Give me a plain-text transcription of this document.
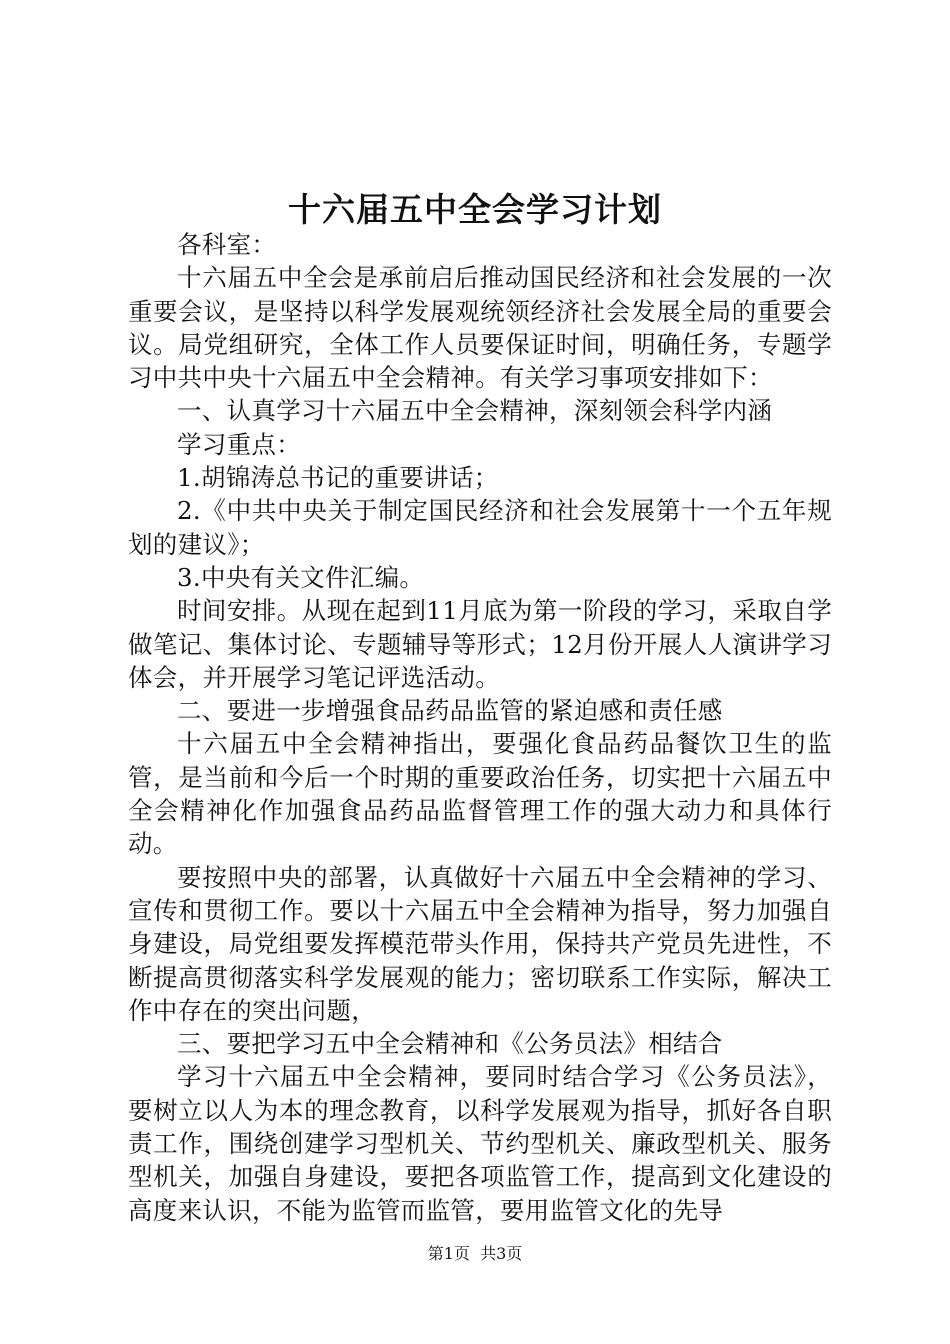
十六届五中全会学习计划

各科室：

十六届五中全会是承前启后推动国民经济和社会发展的一次重要会议，是坚持以科学发展观统领经济社会发展全局的重要会议。局党组研究，全体工作人员要保证时间，明确任务，专题学习中共中央十六届五中全会精神。有关学习事项安排如下：

一、认真学习十六届五中全会精神，深刻领会科学内涵

学习重点：

1.胡锦涛总书记的重要讲话；

2.《中共中央关于制定国民经济和社会发展第十一个五年规划的建议》；

3.中央有关文件汇编。

时间安排。从现在起到11月底为第一阶段的学习，采取自学做笔记、集体讨论、专题辅导等形式；12月份开展人人演讲学习体会，并开展学习笔记评选活动。

二、要进一步增强食品药品监管的紧迫感和责任感

十六届五中全会精神指出，要强化食品药品餐饮卫生的监管，是当前和今后一个时期的重要政治任务，切实把十六届五中全会精神化作加强食品药品监督管理工作的强大动力和具体行动。

要按照中央的部署，认真做好十六届五中全会精神的学习、宣传和贯彻工作。要以十六届五中全会精神为指导，努力加强自身建设，局党组要发挥模范带头作用，保持共产党员先进性，不断提高贯彻落实科学发展观的能力；密切联系工作实际，解决工作中存在的突出问题，

三、要把学习五中全会精神和《公务员法》相结合

学习十六届五中全会精神，要同时结合学习《公务员法》，要树立以人为本的理念教育，以科学发展观为指导，抓好各自职责工作，围绕创建学习型机关、节约型机关、廉政型机关、服务型机关，加强自身建设，要把各项监管工作，提高到文化建设的高度来认识，不能为监管而监管，要用监管文化的先导

第1页 共3页
